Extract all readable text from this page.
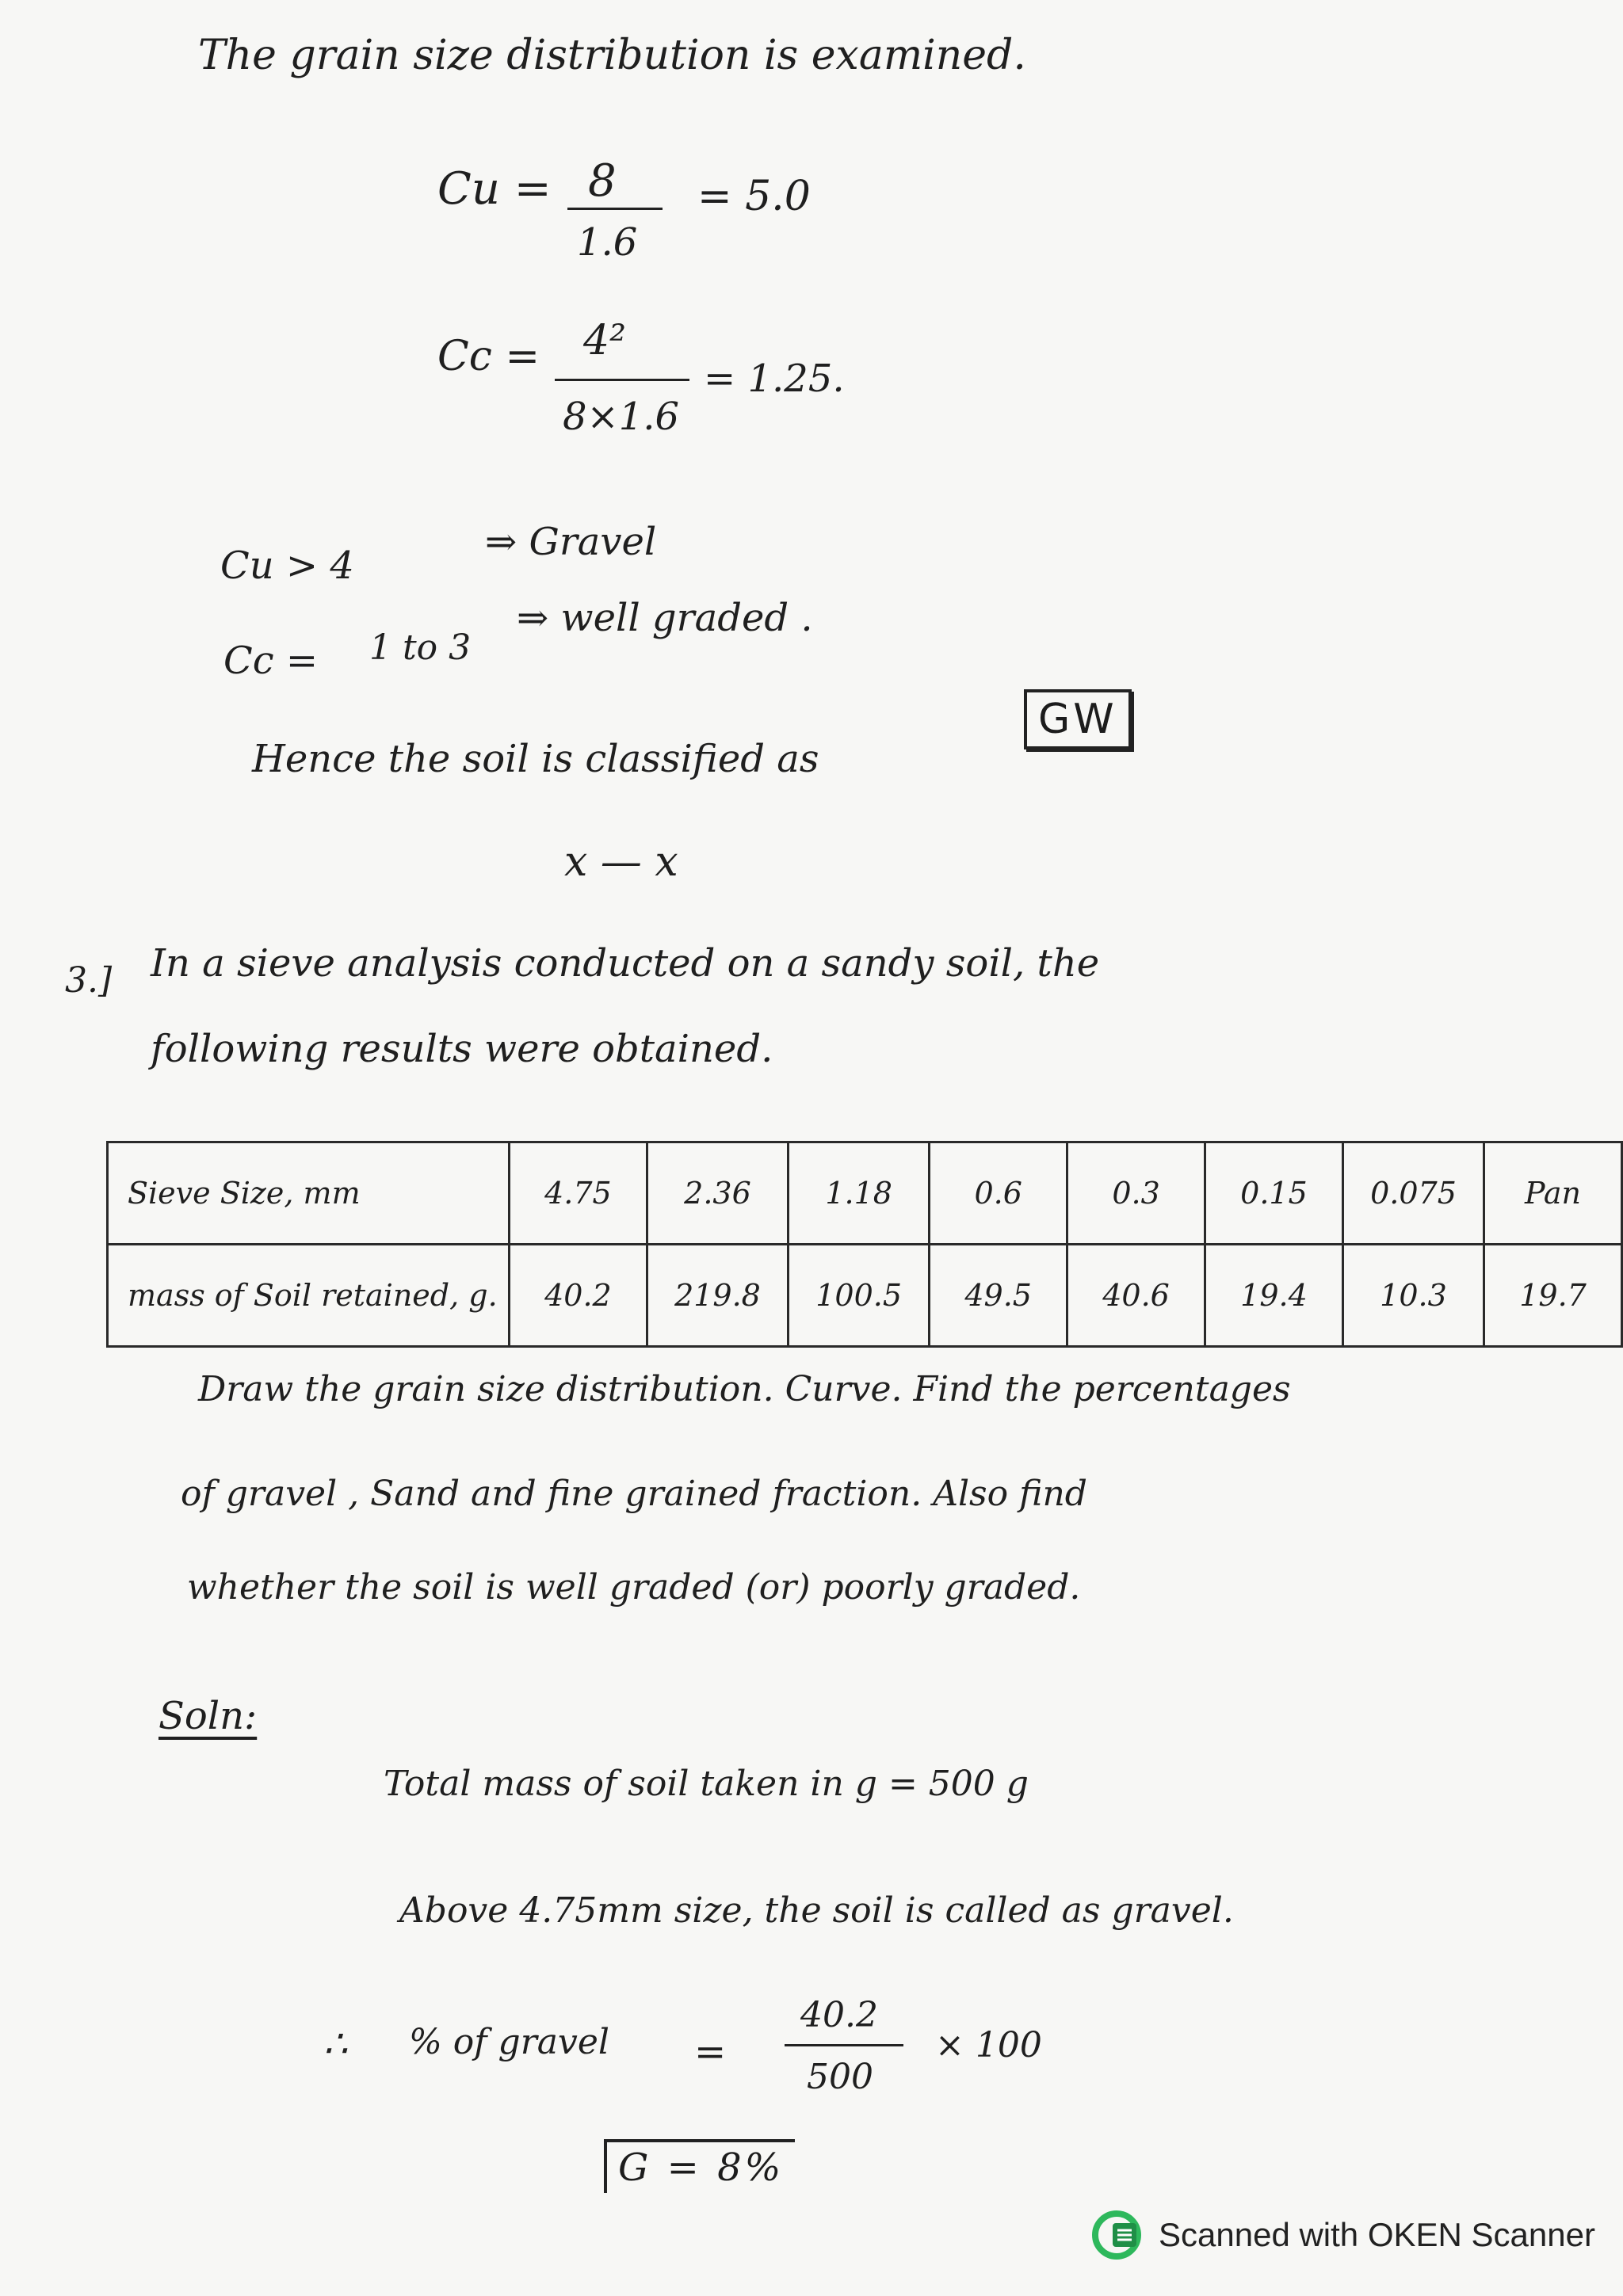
The grain size distribution is examined.
Cu = 8
1.6
= 5.0
Cc = 4²
8×1.6
= 1.25.
Cu > 4
⇒ Gravel
Cc = 1 to 3
⇒ well graded .
Hence the soil is classified as
GW
x — x
3.] In a sieve analysis conducted on a sandy soil, the
following results were obtained.
Sieve Size, mm	4.75	2.36	1.18	0.6	0.3	0.15	0.075	Pan
mass of Soil retained, g.	40.2	219.8	100.5	49.5	40.6	19.4	10.3	19.7
Draw the grain size distribution. Curve. Find the percentages
of gravel , Sand and fine grained fraction. Also find
whether the soil is well graded (or) poorly graded.
Soln:
Total mass of soil taken in g = 500 g
Above 4.75mm size, the soil is called as gravel.
∴ % of gravel =
40.2
500
× 100
G = 8%
Scanned with OKEN Scanner
